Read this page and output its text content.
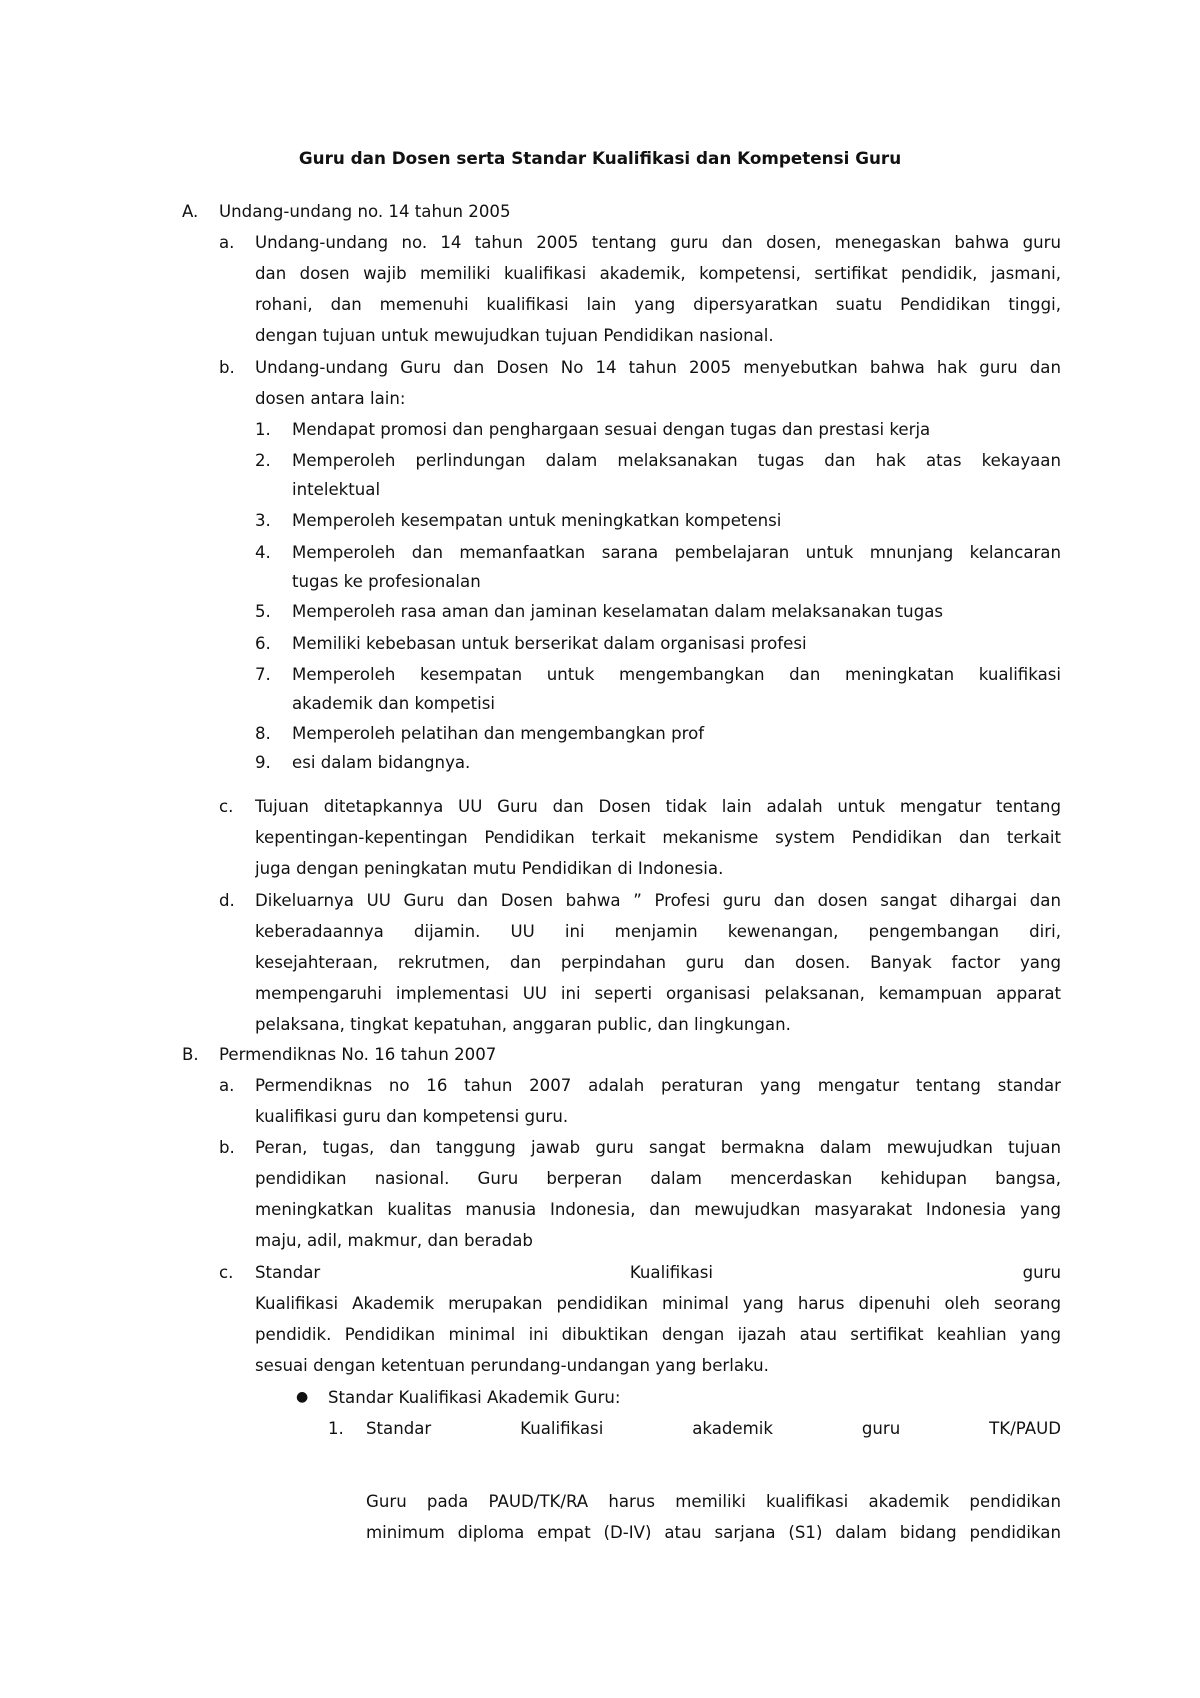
Guru dan Dosen serta Standar Kualifikasi dan Kompetensi Guru
A. Undang-undang no. 14 tahun 2005
a. Undang-undang no. 14 tahun 2005 tentang guru dan dosen, menegaskan bahwa guru
dan dosen wajib memiliki kualifikasi akademik, kompetensi, sertifikat pendidik, jasmani,
rohani, dan memenuhi kualifikasi lain yang dipersyaratkan suatu Pendidikan tinggi,
dengan tujuan untuk mewujudkan tujuan Pendidikan nasional.
b. Undang-undang Guru dan Dosen No 14 tahun 2005 menyebutkan bahwa hak guru dan
dosen antara lain:
1. Mendapat promosi dan penghargaan sesuai dengan tugas dan prestasi kerja
2. Memperoleh perlindungan dalam melaksanakan tugas dan hak atas kekayaan
intelektual
3. Memperoleh kesempatan untuk meningkatkan kompetensi
4. Memperoleh dan memanfaatkan sarana pembelajaran untuk mnunjang kelancaran
tugas ke profesionalan
5. Memperoleh rasa aman dan jaminan keselamatan dalam melaksanakan tugas
6. Memiliki kebebasan untuk berserikat dalam organisasi profesi
7. Memperoleh kesempatan untuk mengembangkan dan meningkatan kualifikasi
akademik dan kompetisi
8. Memperoleh pelatihan dan mengembangkan prof
9. esi dalam bidangnya.
c. Tujuan ditetapkannya UU Guru dan Dosen tidak lain adalah untuk mengatur tentang
kepentingan-kepentingan Pendidikan terkait mekanisme system Pendidikan dan terkait
juga dengan peningkatan mutu Pendidikan di Indonesia.
d. Dikeluarnya UU Guru dan Dosen bahwa ” Profesi guru dan dosen sangat dihargai dan
keberadaannya dijamin. UU ini menjamin kewenangan, pengembangan diri,
kesejahteraan, rekrutmen, dan perpindahan guru dan dosen. Banyak factor yang
mempengaruhi implementasi UU ini seperti organisasi pelaksanan, kemampuan apparat
pelaksana, tingkat kepatuhan, anggaran public, dan lingkungan.
B. Permendiknas No. 16 tahun 2007
a. Permendiknas no 16 tahun 2007 adalah peraturan yang mengatur tentang standar
kualifikasi guru dan kompetensi guru.
b. Peran, tugas, dan tanggung jawab guru sangat bermakna dalam mewujudkan tujuan
pendidikan nasional. Guru berperan dalam mencerdaskan kehidupan bangsa,
meningkatkan kualitas manusia Indonesia, dan mewujudkan masyarakat Indonesia yang
maju, adil, makmur, dan beradab
c. Standar Kualifikasi guru
Kualifikasi Akademik merupakan pendidikan minimal yang harus dipenuhi oleh seorang
pendidik. Pendidikan minimal ini dibuktikan dengan ijazah atau sertifikat keahlian yang
sesuai dengan ketentuan perundang-undangan yang berlaku.
● Standar Kualifikasi Akademik Guru:
1. Standar Kualifikasi akademik guru TK/PAUD
Guru pada PAUD/TK/RA harus memiliki kualifikasi akademik pendidikan
minimum diploma empat (D-IV) atau sarjana (S1) dalam bidang pendidikan
